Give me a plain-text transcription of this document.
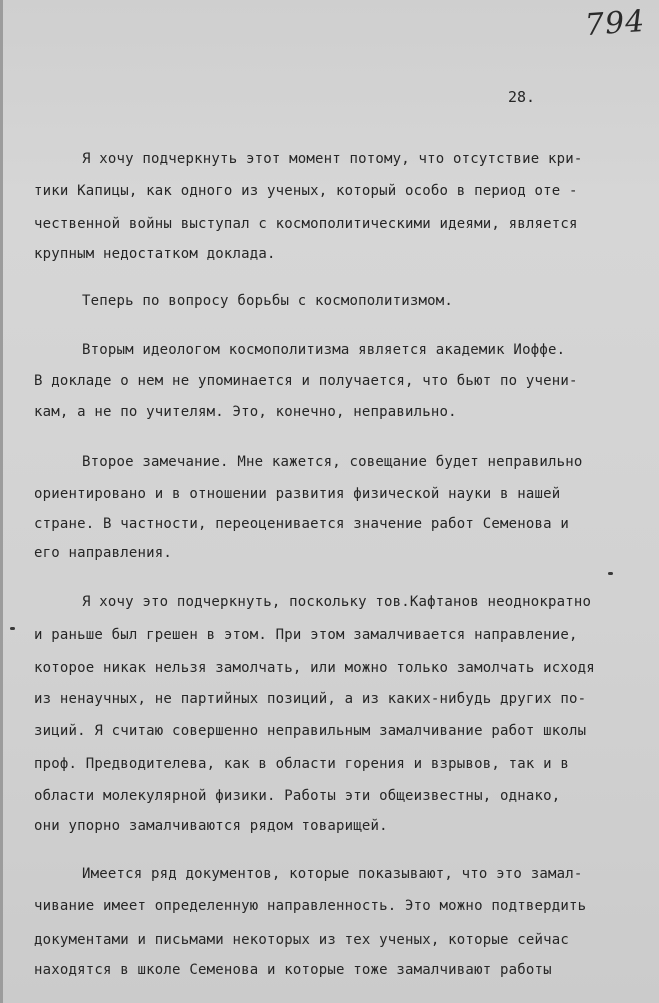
794
28.
Я хочу подчеркнуть этот момент потому, что отсутствие кри-
тики Капицы, как одного из ученых, который особо в период оте -
чественной войны выступал с космополитическими идеями, является
крупным недостатком доклада.
Теперь по вопросу борьбы с космополитизмом.
Вторым идеологом космополитизма является академик Иоффе.
В докладе о нем не упоминается и получается, что бьют по учени-
кам, а не по учителям. Это, конечно, неправильно.
Второе замечание. Мне кажется, совещание будет неправильно
ориентировано и в отношении развития физической науки в нашей
стране. В частности, переоценивается значение работ Семенова и
его направления.
Я хочу это подчеркнуть, поскольку тов.Кафтанов неоднократно
и раньше был грешен в этом. При этом замалчивается направление,
которое никак нельзя замолчать, или можно только замолчать исходя
из ненаучных, не партийных позиций, а из каких-нибудь других по-
зиций. Я считаю совершенно неправильным замалчивание работ школы
проф. Предводителева, как в области горения и взрывов, так и в
области молекулярной физики. Работы эти общеизвестны, однако,
они упорно замалчиваются рядом товарищей.
Имеется ряд документов, которые показывают, что это замал-
чивание имеет определенную направленность. Это можно подтвердить
документами и письмами некоторых из тех ученых, которые сейчас
находятся в школе Семенова и которые тоже замалчивают работы
